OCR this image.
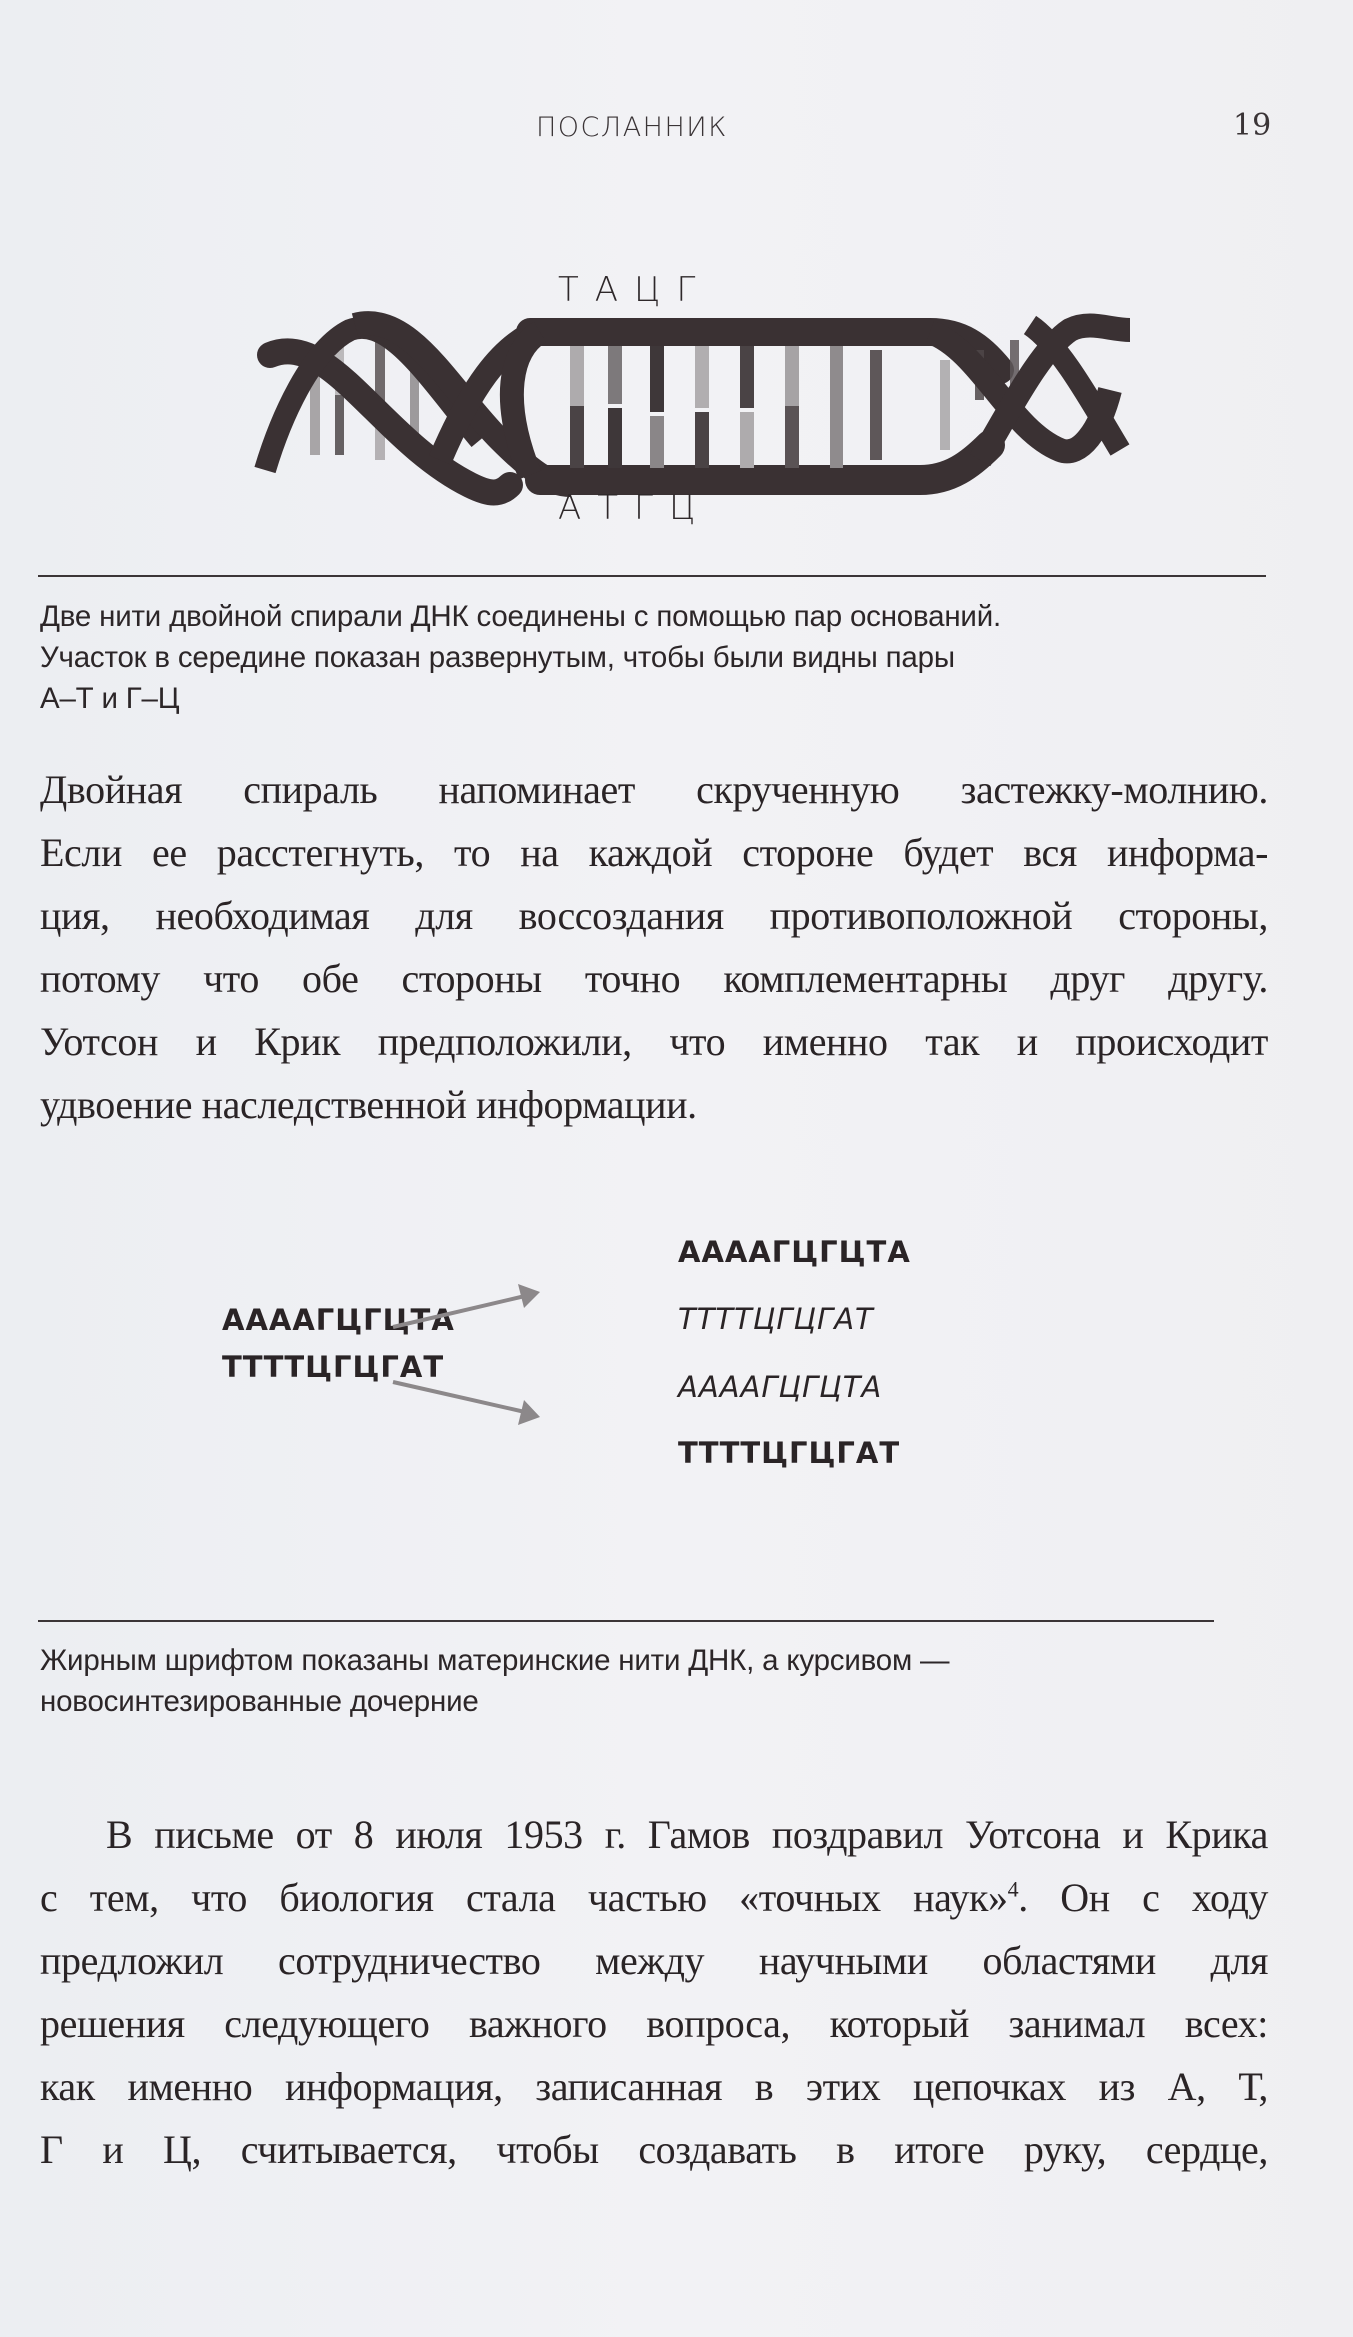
ПОСЛАННИК	19
ТАЦГ
АТГЦ
Две нити двойной спирали ДНК соединены с помощью пар оснований.
Участок в середине показан развернутым, чтобы были видны пары
А–Т и Г–Ц
Двойная спираль напоминает скрученную застежку-молнию.
Если ее расстегнуть, то на каждой стороне будет вся информа-
ция, необходимая для воссоздания противоположной стороны,
потому что обе стороны точно комплементарны друг другу.
Уотсон и Крик предположили, что именно так и происходит
удвоение наследственной информации.
АААAГЦГЦТА
ТТТТЦГЦГАТ
АААAГЦГЦТА
ТТТТЦГЦГАТ
АААAГЦГЦТА
ТТТТЦГЦГАТ
Жирным шрифтом показаны материнские нити ДНК, а курсивом —
новосинтезированные дочерние
В письме от 8 июля 1953 г. Гамов поздравил Уотсона и Крика
с тем, что биология стала частью «точных наук»$^4$. Он с ходу
предложил сотрудничество между научными областями для
решения следующего важного вопроса, который занимал всех:
как именно информация, записанная в этих цепочках из А, Т,
Г и Ц, считывается, чтобы создавать в итоге руку, сердце,
